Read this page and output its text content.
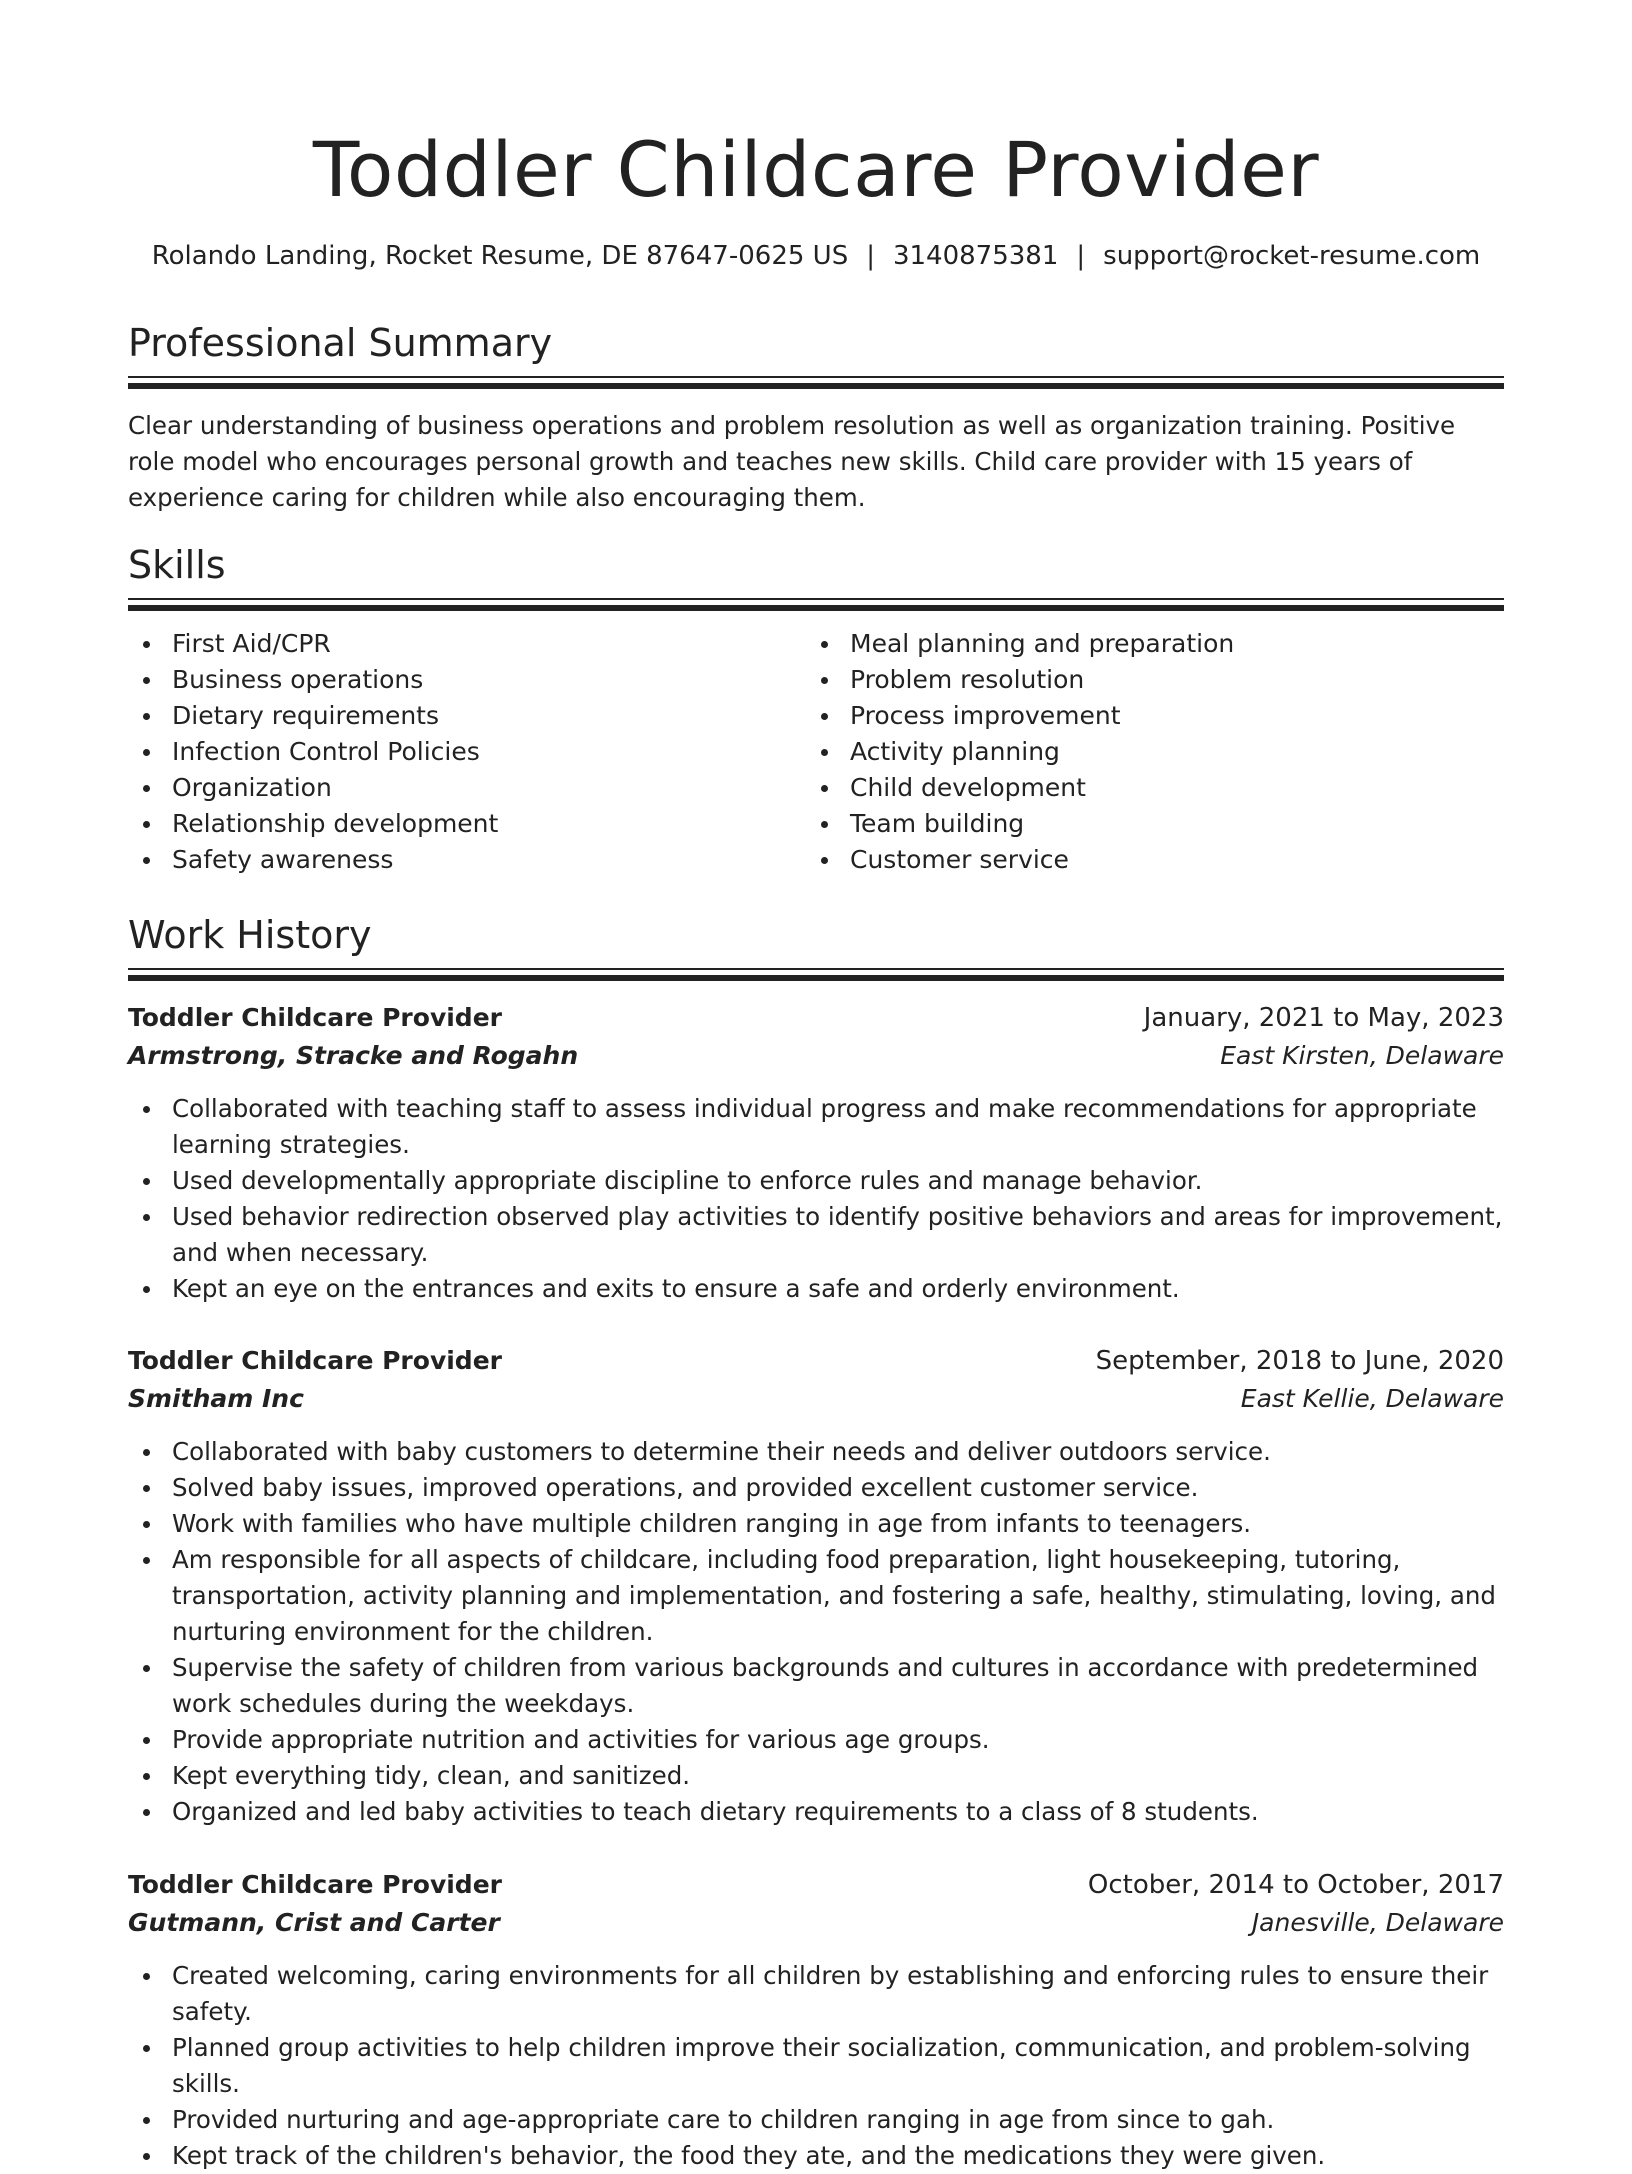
Toddler Childcare Provider
Rolando Landing, Rocket Resume, DE 87647-0625 US | 3140875381 | support@rocket-resume.com
Professional Summary
Clear understanding of business operations and problem resolution as well as organization training. Positive role model who encourages personal growth and teaches new skills. Child care provider with 15 years of experience caring for children while also encouraging them.
Skills
First Aid/CPR
Business operations
Dietary requirements
Infection Control Policies
Organization
Relationship development
Safety awareness
Meal planning and preparation
Problem resolution
Process improvement
Activity planning
Child development
Team building
Customer service
Work History
Toddler Childcare Provider	January, 2021 to May, 2023
Armstrong, Stracke and Rogahn	East Kirsten, Delaware
Collaborated with teaching staff to assess individual progress and make recommendations for appropriate learning strategies.
Used developmentally appropriate discipline to enforce rules and manage behavior.
Used behavior redirection observed play activities to identify positive behaviors and areas for improvement, and when necessary.
Kept an eye on the entrances and exits to ensure a safe and orderly environment.
Toddler Childcare Provider	September, 2018 to June, 2020
Smitham Inc	East Kellie, Delaware
Collaborated with baby customers to determine their needs and deliver outdoors service.
Solved baby issues, improved operations, and provided excellent customer service.
Work with families who have multiple children ranging in age from infants to teenagers.
Am responsible for all aspects of childcare, including food preparation, light housekeeping, tutoring, transportation, activity planning and implementation, and fostering a safe, healthy, stimulating, loving, and nurturing environment for the children.
Supervise the safety of children from various backgrounds and cultures in accordance with predetermined work schedules during the weekdays.
Provide appropriate nutrition and activities for various age groups.
Kept everything tidy, clean, and sanitized.
Organized and led baby activities to teach dietary requirements to a class of 8 students.
Toddler Childcare Provider	October, 2014 to October, 2017
Gutmann, Crist and Carter	Janesville, Delaware
Created welcoming, caring environments for all children by establishing and enforcing rules to ensure their safety.
Planned group activities to help children improve their socialization, communication, and problem-solving skills.
Provided nurturing and age-appropriate care to children ranging in age from since to gah.
Kept track of the children's behavior, the food they ate, and the medications they were given.
